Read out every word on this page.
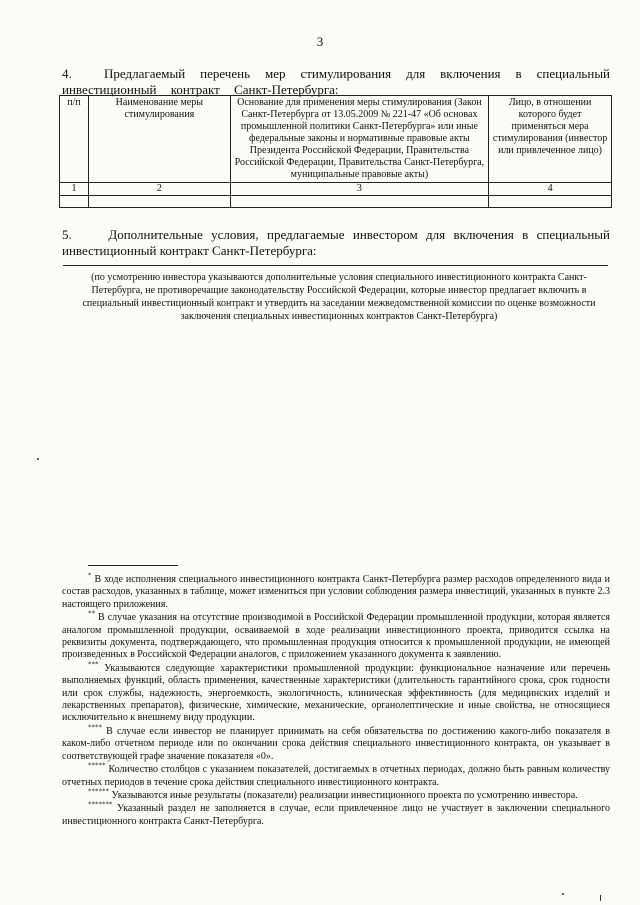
3
4. Предлагаемый перечень мер стимулирования для включения в специальный инвестиционный контракт Санкт-Петербурга:
п/п	Наименование меры стимулирования	Основание для применения меры стимулирования (Закон Санкт-Петербурга от 13.05.2009 № 221-47 «Об основах промышленной политики Санкт-Петербурга» или иные федеральные законы и нормативные правовые акты Президента Российской Федерации, Правительства Российской Федерации, Правительства Санкт-Петербурга, муниципальные правовые акты)	Лицо, в отношении которого будет применяться мера стимулирования (инвестор или привлеченное лицо)
1	2	3	4

5.	Дополнительные условия, предлагаемые инвестором для включения в специальный инвестиционный контракт Санкт-Петербурга:
(по усмотрению инвестора указываются дополнительные условия специального инвестиционного контракта Санкт-Петербурга, не противоречащие законодательству Российской Федерации, которые инвестор предлагает включить в специальный инвестиционный контракт и утвердить на заседании межведомственной комиссии по оценке возможности заключения специальных инвестиционных контрактов Санкт-Петербурга)

* В ходе исполнения специального инвестиционного контракта Санкт-Петербурга размер расходов определенного вида и состав расходов, указанных в таблице, может измениться при условии соблюдения размера инвестиций, указанных в пункте 2.3 настоящего приложения.

** В случае указания на отсутствие производимой в Российской Федерации промышленной продукции, которая является аналогом промышленной продукции, осваиваемой в ходе реализации инвестиционного проекта, приводится ссылка на реквизиты документа, подтверждающего, что промышленная продукция относится к промышленной продукции, не имеющей произведенных в Российской Федерации аналогов, с приложением указанного документа к заявлению.

*** Указываются следующие характеристики промышленной продукции: функциональное назначение или перечень выполняемых функций, область применения, качественные характеристики (длительность гарантийного срока, срок годности или срок службы, надежность, энергоемкость, экологичность, клиническая эффективность (для медицинских изделий и лекарственных препаратов), физические, химические, механические, органолептические и иные свойства, не относящиеся исключительно к внешнему виду продукции.

**** В случае если инвестор не планирует принимать на себя обязательства по достижению какого-либо показателя в каком-либо отчетном периоде или по окончании срока действия специального инвестиционного контракта, он указывает в соответствующей графе значение показателя «0».

***** Количество столбцов с указанием показателей, достигаемых в отчетных периодах, должно быть равным количеству отчетных периодов в течение срока действия специального инвестиционного контракта.

****** Указываются иные результаты (показатели) реализации инвестиционного проекта по усмотрению инвестора.

******* Указанный раздел не заполняется в случае, если привлеченное лицо не участвует в заключении специального инвестиционного контракта Санкт-Петербурга.
